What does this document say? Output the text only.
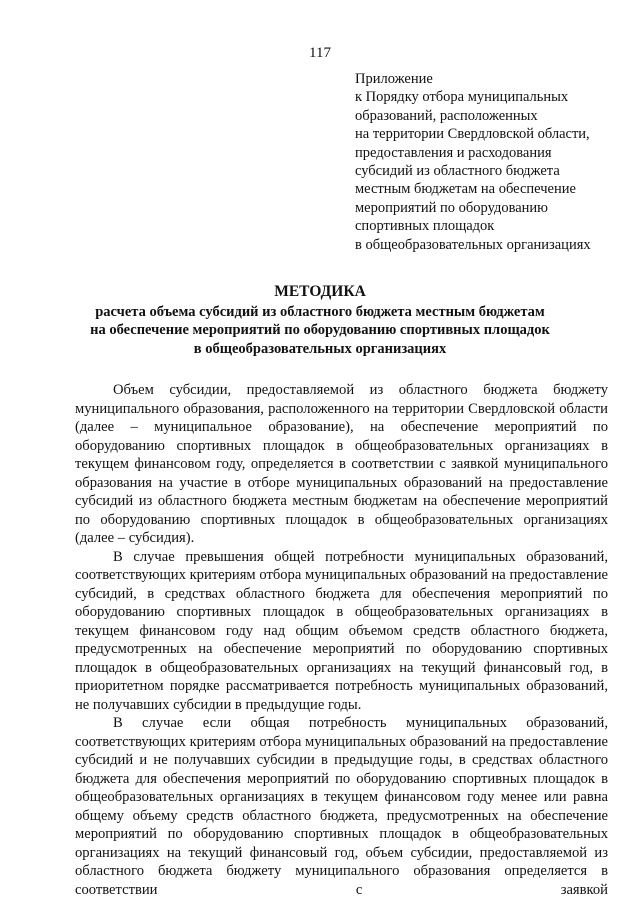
117
Приложение
к Порядку отбора муниципальных
образований, расположенных
на территории Свердловской области,
предоставления и расходования
субсидий из областного бюджета
местным бюджетам на обеспечение
мероприятий по оборудованию
спортивных площадок
в общеобразовательных организациях
МЕТОДИКА
расчета объема субсидий из областного бюджета местным бюджетам
на обеспечение мероприятий по оборудованию спортивных площадок
в общеобразовательных организациях

Объем субсидии, предоставляемой из областного бюджета бюджету муниципального образования, расположенного на территории Свердловской области (далее – муниципальное образование), на обеспечение мероприятий по оборудованию спортивных площадок в общеобразовательных организациях в текущем финансовом году, определяется в соответствии с заявкой муниципального образования на участие в отборе муниципальных образований на предоставление субсидий из областного бюджета местным бюджетам на обеспечение мероприятий по оборудованию спортивных площадок в общеобразовательных организациях (далее – субсидия).

В случае превышения общей потребности муниципальных образований, соответствующих критериям отбора муниципальных образований на предоставление субсидий, в средствах областного бюджета для обеспечения мероприятий по оборудованию спортивных площадок в общеобразовательных организациях в текущем финансовом году над общим объемом средств областного бюджета, предусмотренных на обеспечение мероприятий по оборудованию спортивных площадок в общеобразовательных организациях на текущий финансовый год, в приоритетном порядке рассматривается потребность муниципальных образований, не получавших субсидии в предыдущие годы.

В случае если общая потребность муниципальных образований, соответствующих критериям отбора муниципальных образований на предоставление субсидий и не получавших субсидии в предыдущие годы, в средствах областного бюджета для обеспечения мероприятий по оборудованию спортивных площадок в общеобразовательных организациях в текущем финансовом году менее или равна общему объему средств областного бюджета, предусмотренных на обеспечение мероприятий по оборудованию спортивных площадок в общеобразовательных организациях на текущий финансовый год, объем субсидии, предоставляемой из областного бюджета бюджету муниципального образования определяется в соответствии с заявкой
